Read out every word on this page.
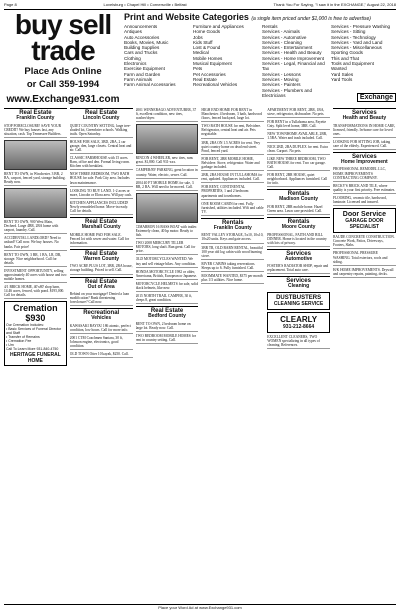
Page 8	Lovelsburg • Chapel Hill • Cornersville • Belfast	Thank You For Saying, "I saw it in the EXCHANGE," August 22, 2018
buy sell
trade
Place Ads Online
or Call 359-1994
www.Exchange931.com
Print and Website Categories (a single item priced under $1,000 is free to advertise)
Announcements
Antiques
Auto Accessories
Books, Movies, Music
Building Supplies
Cars and Trucks
Clothing
Electronics
Exercise Equipment
Farm and Garden
Farm Animals
Farm Animal Accessories
Furniture and Appliances
Home Goods
Jobs
Kids Stuff
Lost & Found
Medical
Mobile Homes
Musical Equipment
Pets
Pet Accessories
Real Estate
Recreational Vehicles
Rentals
Services - Animals
Services - Automotive
Services - Cleaning
Services - Entertainment
Services - Health and Beauty
Services - Home Improvement
Services - Legal, Financial and Tax
Services - Lessons
Services - Moving
Services - Painters
Services - Plumbers and Electricians
Services - Pressure Washing
Services - Sitting
Services - Technology
Services - Yard and Land
Services - Miscellaneous
Sporting Goods
This and That
Tools and Equipment
Wanted
Yard Sales
Yard Tools
Exchange
Real Estate
Franklin County
STOP FORECLOSURE! SAVE YOUR CREDIT! We buy houses fast, any situation, cash. Top Tennessee Builders.
RENT TO OWN, in Winchester. 3 BR, 2 BA, carport, fenced yard, storage building. Ready now.
RENT TO OWN, 900 West Main, Decherd. Large 4BR, 2BA home with carport, laundry. Call.
ACCIDENTAL LANDLORD? Need to unload? Call now. We buy houses. No banks. Fair price!
RENT TO OWN, 3 BR, 1 BA, LR, DR, storage. Nice neighborhood. Call for details.
INVESTMENT OPPORTUNITY, selling approximately 40 acres with house and two mobile homes.
4/1 BRICK HOME, 40'x80' shop barn, 14.46 acres, fenced, with pond. $195,000. Call for details.
Cremation $930
Our Cremation Includes:
• Basic Services of Funeral Director and Staff
• Transfer of Remains
• Cremation Fee
• Urn
Call To Learn More 931-840-4750
HERITAGE FUNERAL HOME
Real Estate
Lincoln County
QUIET COUNTRY SETTING, large tree-shaded lot, Greenbrier schools. Walking trails. Open Saturday.
HOUSE FOR SALE, 3BD, 2BA, 2 car garage, den, large closets. Central heat and air. Call.
CLASSIC FARMHOUSE with 15 acres. Barn, office and den. Formal living room. Kitchen with breakfast.
NEW THREE BEDROOM, TWO BATH HOUSE for sale. Park City area. Includes lawn maintenance.
LOOKING TO BUY LAND. 1-2 acres or more, Lincoln or Elora area. Will pay cash.
KITCHEN APPLIANCES INCLUDED! Newly remodeled home. Move-in ready. Call for details.
Real Estate
Marshall County
MOBILE HOME PAD FOR SALE. Fenced lot with sewer and water. Call for information.
Real Estate
Warren County
TWO ACRE PLUS LOT, 3BR, 2BA house, storage building. Priced to sell. Call.
Real Estate
Out of Area
Behind on your mortgage? Denied a loan modification? Bank threatening foreclosure? Call now.
Recreational
Vehicles
KAWASAKI BAYOU 186 atomic, perfect condition, low hours. Call for more info.
2001 CTM Coachmen Santara, 30 ft, Johnson engine, electronics, good condition.
OLD TOWN Otter 10 kayak, $250. Call.
2001 WINNEBAGO ADVENTURER, 37 ft, excellent condition, new tires, washer/dryer.
RINCON 4 WHEELER, new tires, runs great. $1,800. Call 931-xxx.
CAMPER/RV PARKING, great location in country. Water, electric, sewer. Call.
2004 40 FT MOBILE HOME for sale, 3 BR, 2 BA. Will need to be moved. Call.
CIMARRON 16 BASS BOAT with trailer. Extremely clean, 40 hp motor. Ready to fish.
TWO 2008 MERCURY TILLER MOTORS, long shaft. Run great. Call for price.
OLD MOTORCYCLES WANTED. We buy and sell vintage bikes. Any condition.
HONDA MOTORCYCLE 1982 or older, Americana, British, European or Japanese.
MOTORCYCLE HELMETS for sale, solid black helmets, like new.
2015 NORTH TRAIL CAMPER, 30 ft, sleeps 8, great condition.
Real Estate
Bedford County
RENT TO OWN, 2 bedroom home on large lot. Ready now. Call.
TWO BEDROOM MOBILE HOMES for rent in country setting. Call.
HIGH END HOME FOR RENT in Manchester. 4 bedroom, 3 bath, hardwood floors, fenced backyard, large lot.
TWO BATH HOUSE for rent, Belvidere. Refrigerator, central heat and air. Pets negotiable.
3BR, 2BA ON 1.5 ACRES for rent. Very quiet country home on dead end street. Pond, fenced yard.
FOR RENT, 2BR MOBILE HOME, Belvidere. Stove, refrigerator. Water and garbage included.
2BR, 2BA HOUSE IN TULLAHOMA for rent, updated. Appliances included. Call.
FOR RENT, CONTINENTAL PROPERTIES, 1 and 2 bedroom apartments and townhomes.
ONE ROOM CABIN for rent. Fully furnished, utilities included. Wifi and cable TV.
Rentals
Franklin County
RENT VALLEY STORAGE, 5x10, 10x10, 10x20 units. Keys and gate access.
3BR TR, OLD BARN RENTAL, beautiful 100 year old log cabin with wood burning stove.
RIVER CABINS taking reservations. Sleeps up to 6. Fully furnished. Call.
ROOMMATE WANTED, $375 per month plus 1/3 utilities. Nice home.
APARTMENT FOR RENT, 2BR, 1BA, stove, refrigerator, dishwasher. No pets.
FOR RENT in a Tullahoma area, Fayette Cnty. Split level home, 3BR. Call.
NEW TOWNHOME AVAILABLE, 2BR, 1.5BA. Water and trash included. Call.
NICE 2BD, 2BA DUPLEX for rent. Extra clean. Carport. No pets.
LIKE NEW THREE BEDROOM, TWO BATH HOUSE for rent. Two car garage. Call.
FOR RENT, 2BR HOUSE, quiet neighborhood. Appliances furnished. Call for info.
Rentals
Madison County
FOR RENT, 2BR mobile home. Hazel Green area. Lawn care provided. Call.
Rentals
Moore County
PROFESSIONAL, FAITH AND BILL DINNER. Home is located in the country with lots of privacy.
Services
Automotive
FOSTER'S RADIATOR SHOP, repair and replacement. Total auto care.
Services
Cleaning
DUSTBUSTERS
CLEANING SERVICE
CLEARLY
931-212-8664
EXCELLENT CLEANERS, TWO WOMEN specializing in all types of cleaning. References.
Services
Health and Beauty
TRANSFORMATIONS IN HOME CARE, licensed, friendly. In-home care for loved ones.
LOOKING FOR SITTING JOB, taking care of the elderly. Experienced. Call.
Services
Home Improvement
PROFESSIONAL REMODEL LLC, HOME IMPROVEMENTS CONTRACTING COMPANY.
BECKY'S BRICK AND TILE, where quality is your first priority. Free estimates.
FLOORING, ceramic tile, hardwood, laminate. Licensed and insured.
Door Service
GARAGE DOOR SPECIALIST
BAUDE CONCRETE CONSTRUCTION. Concrete Work, Patios, Driveways, Footers, Slabs.
PROFESSIONAL PRESSURE WASHING. Total exteriors, roofs and siding.
H/K HOME IMPROVEMENTS. Drywall and carpentry repairs, painting, decks.
Place your Word Ad at www.Exchange931.com
